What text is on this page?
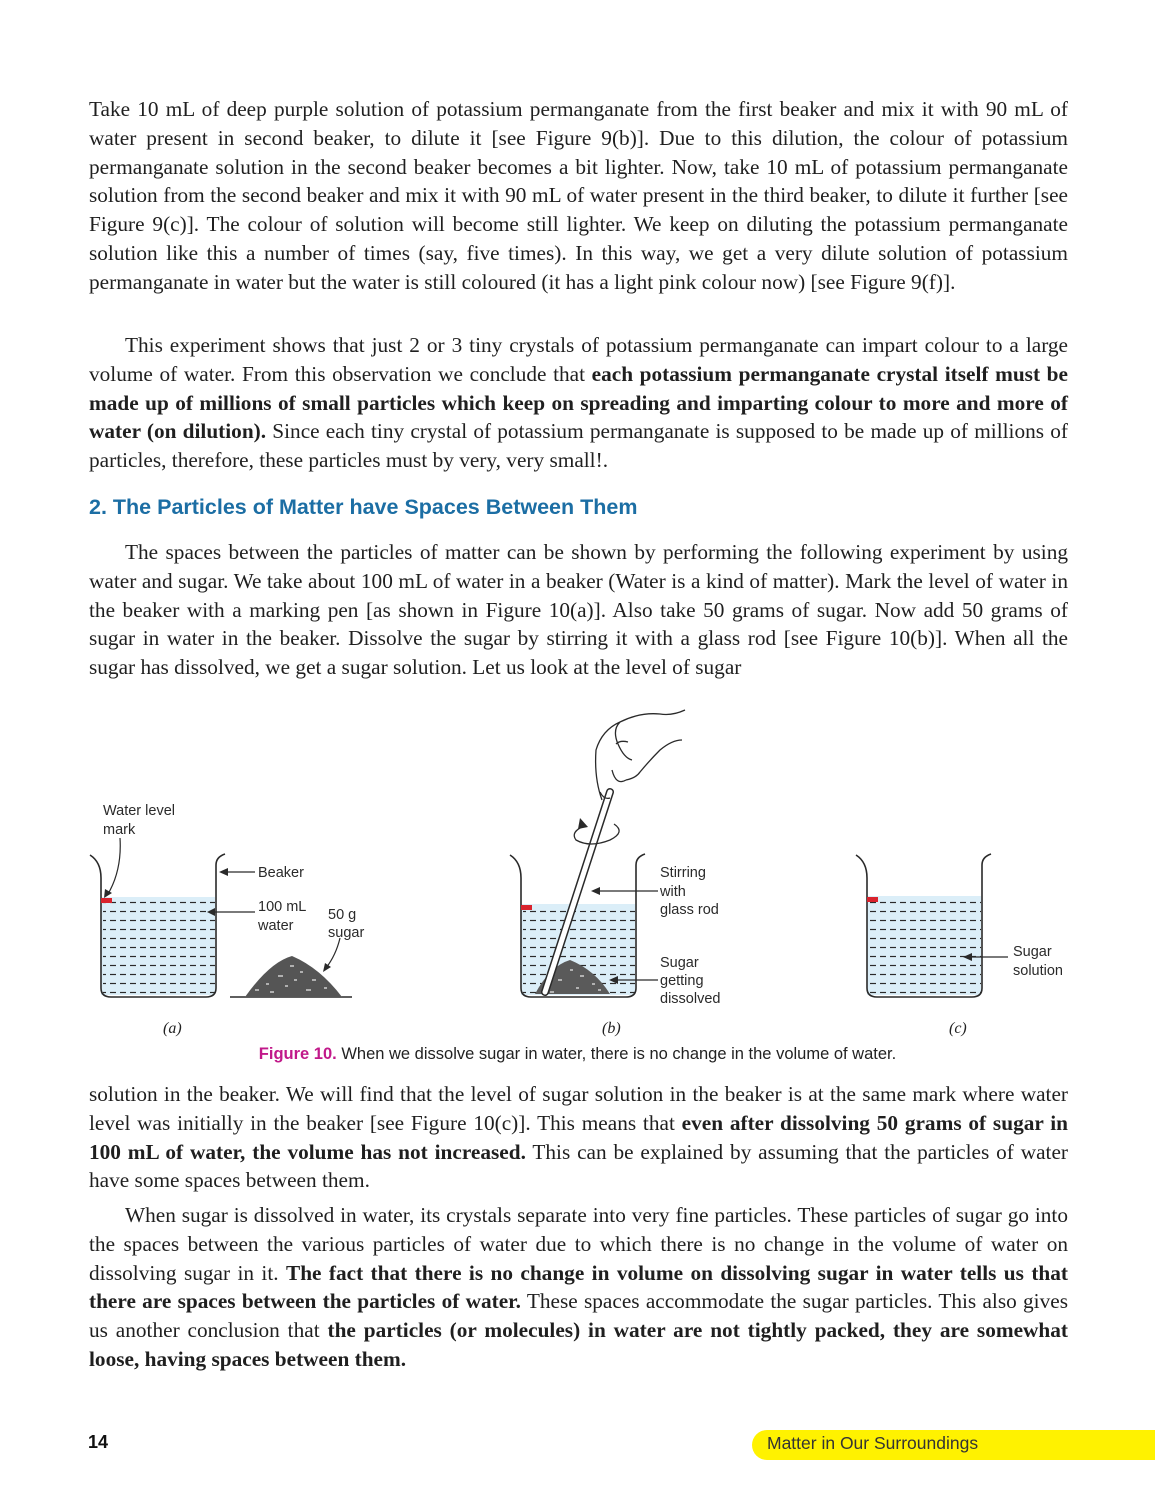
Take 10 mL of deep purple solution of potassium permanganate from the first beaker and mix it with 90 mL of water present in second beaker, to dilute it [see Figure 9(b)]. Due to this dilution, the colour of potassium permanganate solution in the second beaker becomes a bit lighter. Now, take 10 mL of potassium permanganate solution from the second beaker and mix it with 90 mL of water present in the third beaker, to dilute it further [see Figure 9(c)]. The colour of solution will become still lighter. We keep on diluting the potassium permanganate solution like this a number of times (say, five times). In this way, we get a very dilute solution of potassium permanganate in water but the water is still coloured (it has a light pink colour now) [see Figure 9(f)].

This experiment shows that just 2 or 3 tiny crystals of potassium permanganate can impart colour to a large volume of water. From this observation we conclude that each potassium permanganate crystal itself must be made up of millions of small particles which keep on spreading and imparting colour to more and more of water (on dilution). Since each tiny crystal of potassium permanganate is supposed to be made up of millions of particles, therefore, these particles must by very, very small!.

2. The Particles of Matter have Spaces Between Them

The spaces between the particles of matter can be shown by performing the following experiment by using water and sugar. We take about 100 mL of water in a beaker (Water is a kind of matter). Mark the level of water in the beaker with a marking pen [as shown in Figure 10(a)]. Also take 50 grams of sugar. Now add 50 grams of sugar in water in the beaker. Dissolve the sugar by stirring it with a glass rod [see Figure 10(b)]. When all the sugar has dissolved, we get a sugar solution. Let us look at the level of sugar

Water level
mark
Beaker
100 mL
water
50 g
sugar
Stirring
with
glass rod
Sugar
getting
dissolved
Sugar
solution
(a)	(b)	(c)

Figure 10. When we dissolve sugar in water, there is no change in the volume of water.

solution in the beaker. We will find that the level of sugar solution in the beaker is at the same mark where water level was initially in the beaker [see Figure 10(c)]. This means that even after dissolving 50 grams of sugar in 100 mL of water, the volume has not increased. This can be explained by assuming that the particles of water have some spaces between them.

When sugar is dissolved in water, its crystals separate into very fine particles. These particles of sugar go into the spaces between the various particles of water due to which there is no change in the volume of water on dissolving sugar in it. The fact that there is no change in volume on dissolving sugar in water tells us that there are spaces between the particles of water. These spaces accommodate the sugar particles. This also gives us another conclusion that the particles (or molecules) in water are not tightly packed, they are somewhat loose, having spaces between them.

14	Matter in Our Surroundings
